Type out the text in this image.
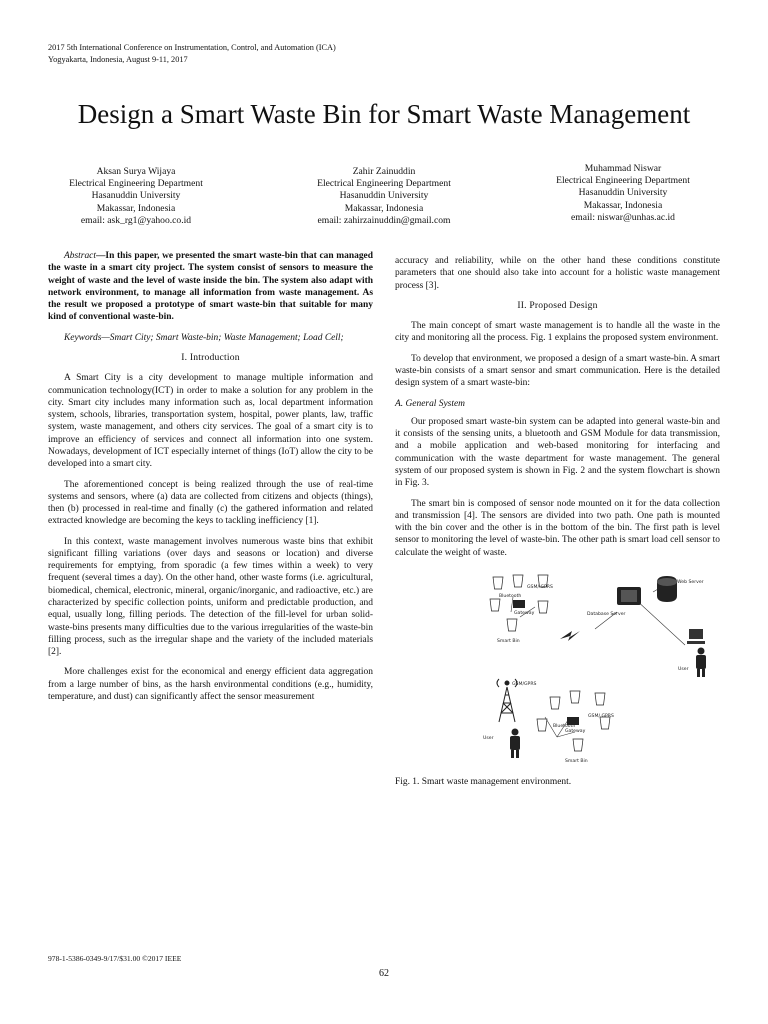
2017 5th International Conference on Instrumentation, Control, and Automation (ICA)
Yogyakarta, Indonesia, August 9-11, 2017
Design a Smart Waste Bin for Smart Waste Management
Aksan Surya Wijaya
Electrical Engineering Department
Hasanuddin University
Makassar, Indonesia
email: ask_rg1@yahoo.co.id
Zahir Zainuddin
Electrical Engineering Department
Hasanuddin University
Makassar, Indonesia
email: zahirzainuddin@gmail.com
Muhammad Niswar
Electrical Engineering Department
Hasanuddin University
Makassar, Indonesia
email: niswar@unhas.ac.id

Abstract—In this paper, we presented the smart waste-bin that can managed the waste in a smart city project. The system consist of sensors to measure the weight of waste and the level of waste inside the bin. The system also adapt with network environment, to manage all information from waste management. As the result we proposed a prototype of smart waste-bin that suitable for many kind of conventional waste-bin.

Keywords—Smart City; Smart Waste-bin; Waste Management; Load Cell;

I. Introduction

A Smart City is a city development to manage multiple information and communication technology(ICT) in order to make a solution for any problem in the city. Smart city includes many information such as, local department information system, schools, libraries, transportation system, hospital, power plants, law, traffic system, waste management, and others city services. The goal of a smart city is to improve an efficiency of services and connect all information into one system. Nowadays, development of ICT especially internet of things (IoT) allow the city to be developed into a smart city.

The aforementioned concept is being realized through the use of real-time systems and sensors, where (a) data are collected from citizens and objects (things), then (b) processed in real-time and finally (c) the gathered information and related extracted knowledge are becoming the keys to tackling inefficiency [1].

In this context, waste management involves numerous waste bins that exhibit significant filling variations (over days and seasons or location) and diverse requirements for emptying, from sporadic (a few times within a week) to very frequent (several times a day). On the other hand, other waste forms (i.e. agricultural, biomedical, chemical, electronic, mineral, organic/inorganic, and radioactive, etc.) are characterized by specific collection points, uniform and predictable production, and equal, usually long, filling periods. The detection of the fill-level for urban solid-waste-bins presents many difficulties due to the various irregularities of the waste-bin filling process, such as the irregular shape and the variety of the included materials [2].

More challenges exist for the economical and energy efficient data aggregation from a large number of bins, as the harsh environmental conditions (e.g., humidity, temperature, and dust) can significantly affect the sensor measurement

accuracy and reliability, while on the other hand these conditions constitute parameters that one should also take into account for a holistic waste management process [3].

II. Proposed Design

The main concept of smart waste management is to handle all the waste in the city and monitoring all the process. Fig. 1 explains the proposed system environment.

To develop that environment, we proposed a design of a smart waste-bin. A smart waste-bin consists of a smart sensor and smart communication. Here is the detailed design system of a smart waste-bin:

A. General System

Our proposed smart waste-bin system can be adapted into general waste-bin and it consists of the sensing units, a bluetooth and GSM Module for data transmission, and a mobile application and web-based monitoring for interfacing and communication with the waste department for waste management. The general system of our proposed system is shown in Fig. 2 and the system flowchart is shown in Fig. 3.

The smart bin is composed of sensor node mounted on it for the data collection and transmission [4]. The sensors are divided into two path. One path is mounted with the bin cover and the other is in the bottom of the bin. The first path is level sensor to monitoring the level of waste-bin. The other path is smart load cell sensor to calculate the weight of waste.

GSM/ GPRS
Bluetooth
Gateway
Smart Bin
Database Server
Web Server
User
GSM/GPRS
GSM/ GPRS
Bluetooth
Gateway
Smart Bin
User
Fig. 1. Smart waste management environment.
978-1-5386-0349-9/17/$31.00 ©2017 IEEE
62
